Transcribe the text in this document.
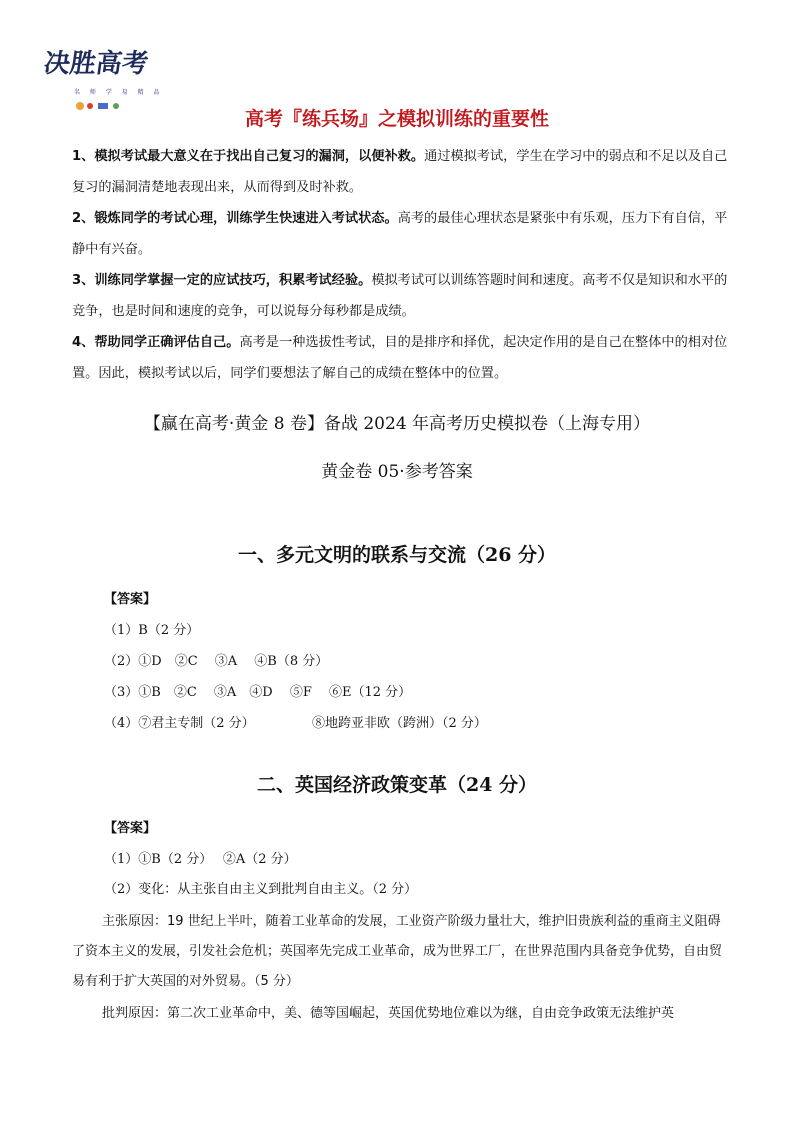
决胜高考
名 师 学 易 精 品
高考『练兵场』之模拟训练的重要性
1、模拟考试最大意义在于找出自己复习的漏洞，以便补救。通过模拟考试，学生在学习中的弱点和不足以及自己复习的漏洞清楚地表现出来，从而得到及时补救。
2、锻炼同学的考试心理，训练学生快速进入考试状态。高考的最佳心理状态是紧张中有乐观，压力下有自信，平静中有兴奋。
3、训练同学掌握一定的应试技巧，积累考试经验。模拟考试可以训练答题时间和速度。高考不仅是知识和水平的竞争，也是时间和速度的竞争，可以说每分每秒都是成绩。
4、帮助同学正确评估自己。高考是一种选拔性考试，目的是排序和择优，起决定作用的是自己在整体中的相对位置。因此，模拟考试以后，同学们要想法了解自己的成绩在整体中的位置。
【赢在高考·黄金 8 卷】备战 2024 年高考历史模拟卷（上海专用）
黄金卷 05·参考答案
一、多元文明的联系与交流（26 分）
【答案】
（1）B（2 分）
（2）①D　②C　 ③A　 ④B（8 分）
（3）①B　②C　 ③A　④D　 ⑤F　 ⑥E（12 分）
（4）⑦君主专制（2 分）	⑧地跨亚非欧（跨洲）（2 分）
二、英国经济政策变革（24 分）
【答案】
（1）①B（2 分）　 ②A（2 分）
（2）变化：从主张自由主义到批判自由主义。（2 分）
主张原因：19 世纪上半叶，随着工业革命的发展，工业资产阶级力量壮大，维护旧贵族利益的重商主义阻碍了资本主义的发展，引发社会危机；英国率先完成工业革命，成为世界工厂，在世界范围内具备竞争优势，自由贸易有利于扩大英国的对外贸易。（5 分）
批判原因：第二次工业革命中，美、德等国崛起，英国优势地位难以为继，自由竞争政策无法维护英
